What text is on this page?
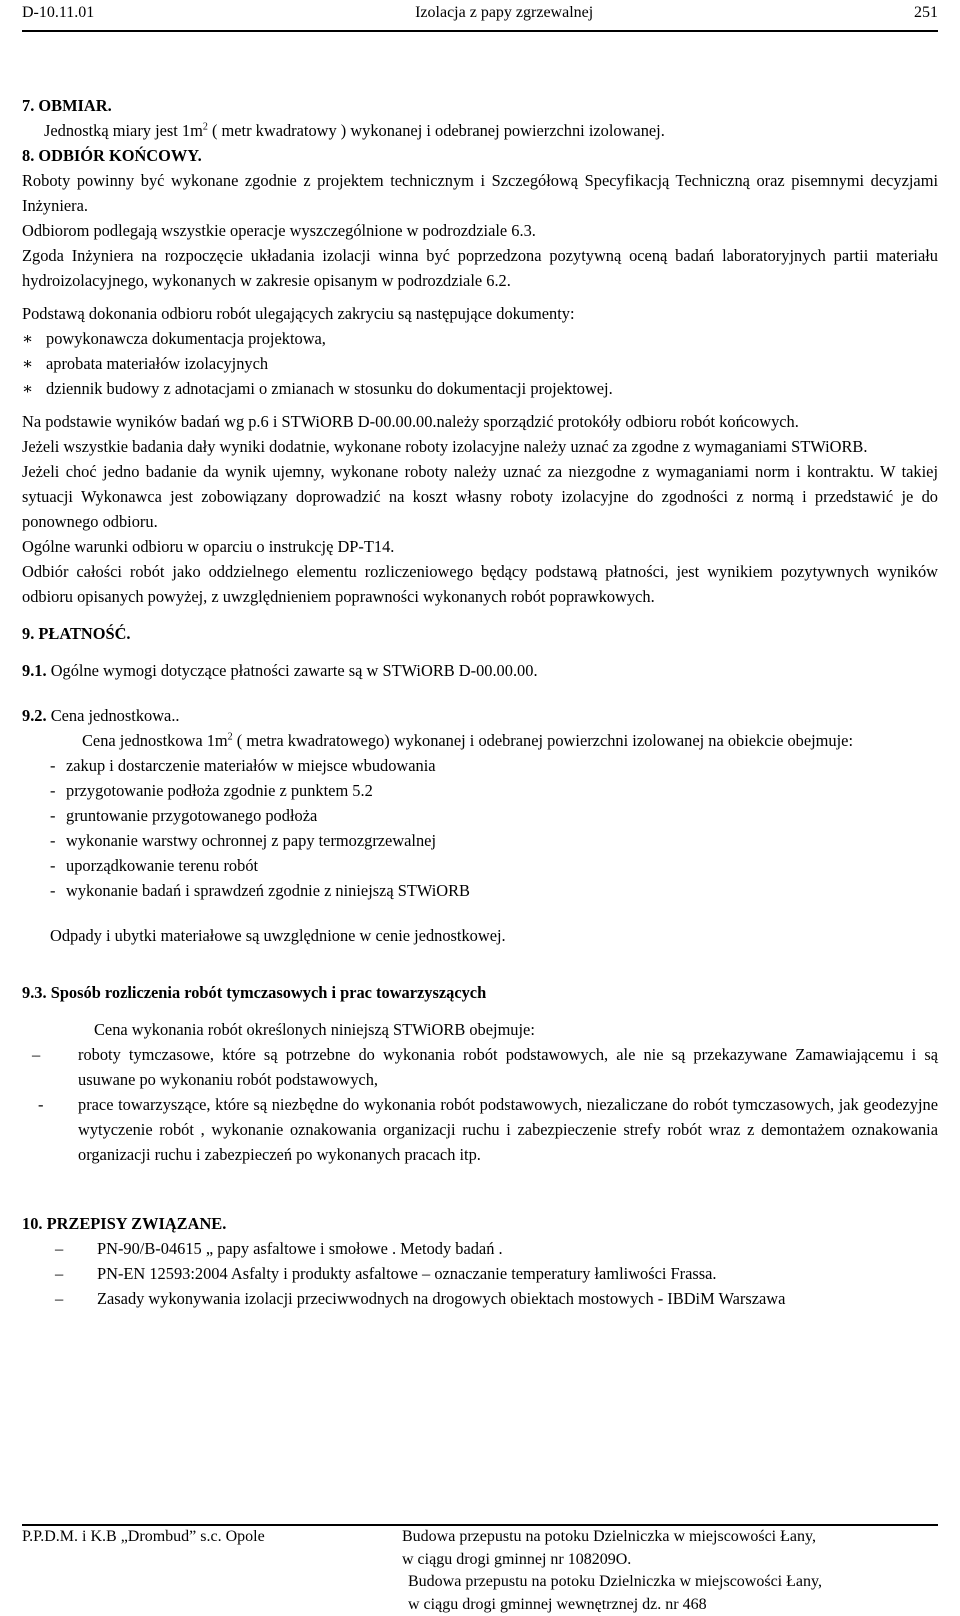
D-10.11.01	Izolacja z papy zgrzewalnej	251

7. OBMIAR.

Jednostką miary jest $1m^2$ ( metr kwadratowy ) wykonanej i odebranej powierzchni izolowanej.

8. ODBIÓR KOŃCOWY.

Roboty powinny być wykonane zgodnie z projektem technicznym i Szczegółową Specyfikacją Techniczną oraz pisemnymi decyzjami Inżyniera.

Odbiorom podlegają wszystkie operacje wyszczególnione w podrozdziale 6.3.

Zgoda Inżyniera na rozpoczęcie układania izolacji winna być poprzedzona pozytywną oceną badań laboratoryjnych partii materiału hydroizolacyjnego, wykonanych w zakresie opisanym w podrozdziale 6.2.

Podstawą dokonania odbioru robót ulegających zakryciu są następujące dokumenty:

∗ powykonawcza dokumentacja projektowa,
∗ aprobata materiałów izolacyjnych
∗ dziennik budowy z adnotacjami o zmianach w stosunku do dokumentacji projektowej.

Na podstawie wyników badań wg p.6 i STWiORB D-00.00.00.należy sporządzić protokóły odbioru robót końcowych.

Jeżeli wszystkie badania dały wyniki dodatnie, wykonane roboty izolacyjne należy uznać za zgodne z wymaganiami STWiORB.

Jeżeli choć jedno badanie da wynik ujemny, wykonane roboty należy uznać za niezgodne z wymaganiami norm i kontraktu. W takiej sytuacji Wykonawca jest zobowiązany doprowadzić na koszt własny roboty izolacyjne do zgodności z normą i przedstawić je do ponownego odbioru.

Ogólne warunki odbioru w oparciu o instrukcję DP-T14.

Odbiór całości robót jako oddzielnego elementu rozliczeniowego będący podstawą płatności, jest wynikiem pozytywnych wyników odbioru opisanych powyżej, z uwzględnieniem poprawności wykonanych robót poprawkowych.

9. PŁATNOŚĆ.

9.1. Ogólne wymogi dotyczące płatności zawarte są w STWiORB D-00.00.00.

9.2. Cena jednostkowa..

Cena jednostkowa $1m^2$ ( metra kwadratowego) wykonanej i odebranej powierzchni izolowanej na obiekcie obejmuje:

- zakup i dostarczenie materiałów w miejsce wbudowania
- przygotowanie podłoża zgodnie z punktem 5.2
- gruntowanie przygotowanego podłoża
- wykonanie warstwy ochronnej z papy termozgrzewalnej
- uporządkowanie terenu robót
- wykonanie badań i sprawdzeń zgodnie z niniejszą STWiORB

Odpady i ubytki materiałowe są uwzględnione w cenie jednostkowej.

9.3. Sposób rozliczenia robót tymczasowych i prac towarzyszących

Cena wykonania robót określonych niniejszą STWiORB obejmuje:

–	roboty tymczasowe, które są potrzebne do wykonania robót podstawowych, ale nie są przekazywane Zamawiającemu i są usuwane po wykonaniu robót podstawowych,
-	prace towarzyszące, które są niezbędne do wykonania robót podstawowych, niezaliczane do robót tymczasowych, jak geodezyjne wytyczenie robót , wykonanie oznakowania organizacji ruchu i zabezpieczenie strefy robót wraz z demontażem oznakowania organizacji ruchu i zabezpieczeń po wykonanych pracach itp.

10. PRZEPISY ZWIĄZANE.

–	PN-90/B-04615 „ papy asfaltowe i smołowe . Metody badań .
–	PN-EN 12593:2004 Asfalty i produkty asfaltowe – oznaczanie temperatury łamliwości Frassa.
–	Zasady wykonywania izolacji przeciwwodnych na drogowych obiektach mostowych - IBDiM Warszawa
P.P.D.M. i K.B „Drombud” s.c. Opole	Budowa przepustu na potoku Dzielniczka w miejscowości Łany,
w ciągu drogi gminnej nr 108209O.
Budowa przepustu na potoku Dzielniczka w miejscowości Łany,
w ciągu drogi gminnej wewnętrznej dz. nr 468
